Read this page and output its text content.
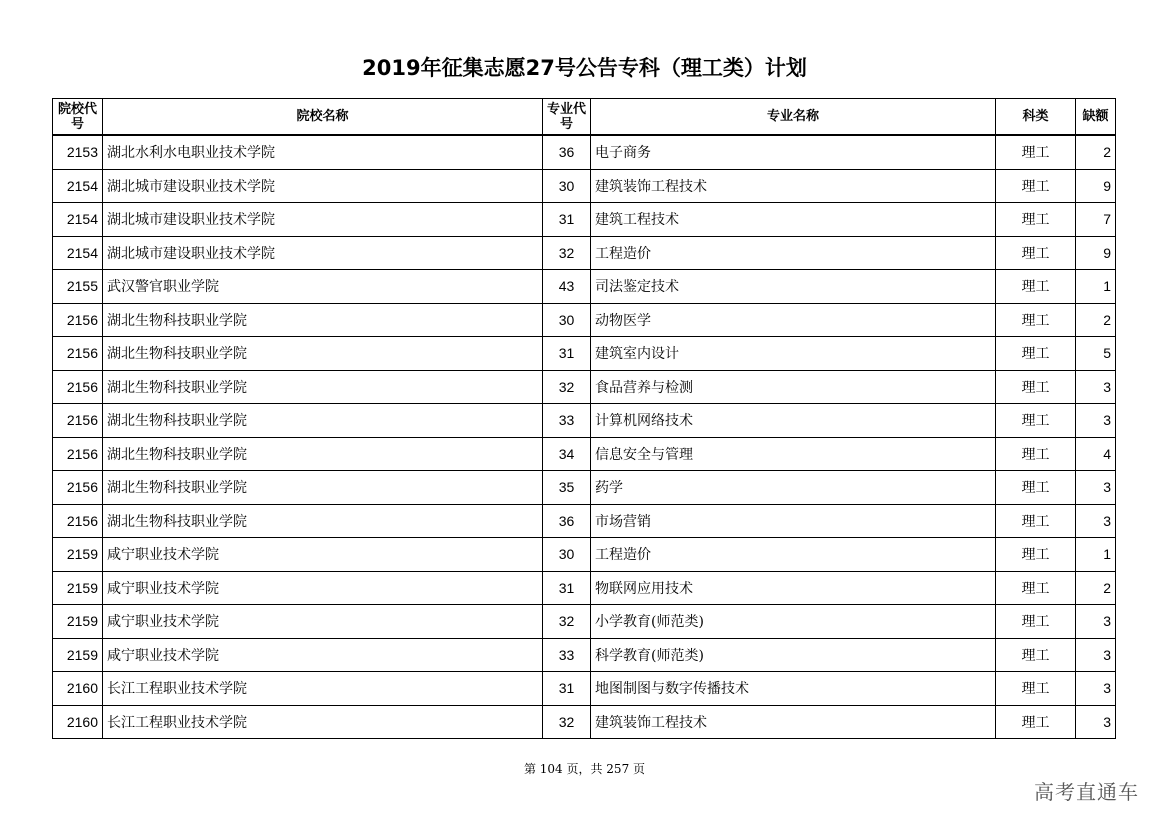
2019年征集志愿27号公告专科（理工类）计划
院校代号	院校名称	专业代号	专业名称	科类	缺额
2153	湖北水利水电职业技术学院	36	电子商务	理工	2
2154	湖北城市建设职业技术学院	30	建筑装饰工程技术	理工	9
2154	湖北城市建设职业技术学院	31	建筑工程技术	理工	7
2154	湖北城市建设职业技术学院	32	工程造价	理工	9
2155	武汉警官职业学院	43	司法鉴定技术	理工	1
2156	湖北生物科技职业学院	30	动物医学	理工	2
2156	湖北生物科技职业学院	31	建筑室内设计	理工	5
2156	湖北生物科技职业学院	32	食品营养与检测	理工	3
2156	湖北生物科技职业学院	33	计算机网络技术	理工	3
2156	湖北生物科技职业学院	34	信息安全与管理	理工	4
2156	湖北生物科技职业学院	35	药学	理工	3
2156	湖北生物科技职业学院	36	市场营销	理工	3
2159	咸宁职业技术学院	30	工程造价	理工	1
2159	咸宁职业技术学院	31	物联网应用技术	理工	2
2159	咸宁职业技术学院	32	小学教育(师范类)	理工	3
2159	咸宁职业技术学院	33	科学教育(师范类)	理工	3
2160	长江工程职业技术学院	31	地图制图与数字传播技术	理工	3
2160	长江工程职业技术学院	32	建筑装饰工程技术	理工	3
第 104 页，共 257 页
高考直通车
